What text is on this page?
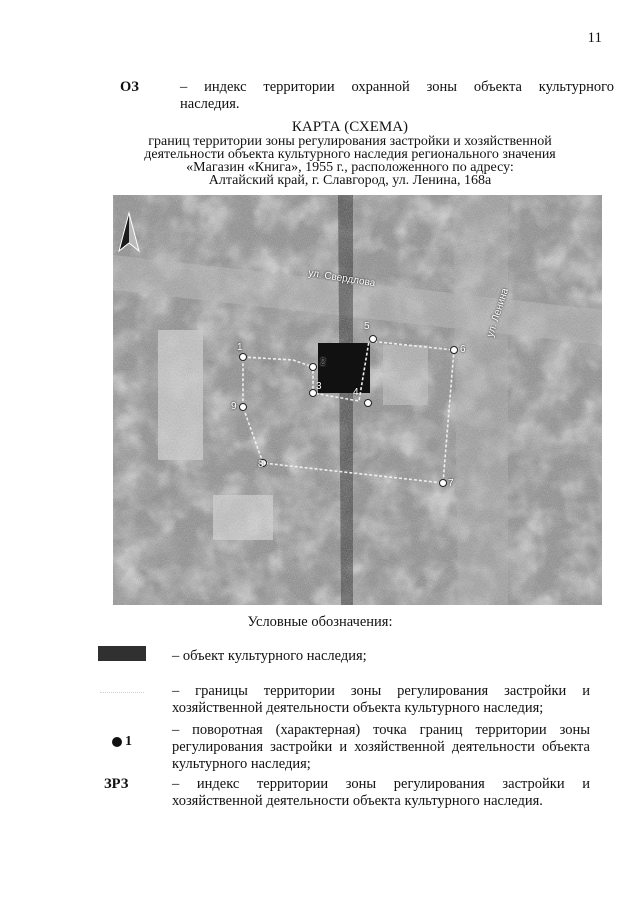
11
ОЗ	– индекс территории охранной зоны объекта культурного
наследия.
КАРТА (СХЕМА)
границ территории зоны регулирования застройки и хозяйственной
деятельности объекта культурного наследия регионального значения
«Магазин «Книга», 1955 г., расположенного по адресу:
Алтайский край, г. Славгород, ул. Ленина, 168а
ул. Свердлова
ул. Ленина
1
2
3
4
5
6
7
8
9
Условные обозначения:
– объект культурного наследия;
– границы территории зоны регулирования застройки и
хозяйственной деятельности объекта культурного наследия;
1
– поворотная (характерная) точка границ территории зоны
регулирования застройки и хозяйственной деятельности объекта
культурного наследия;
ЗРЗ	– индекс территории зоны регулирования застройки и
хозяйственной деятельности объекта культурного наследия.
